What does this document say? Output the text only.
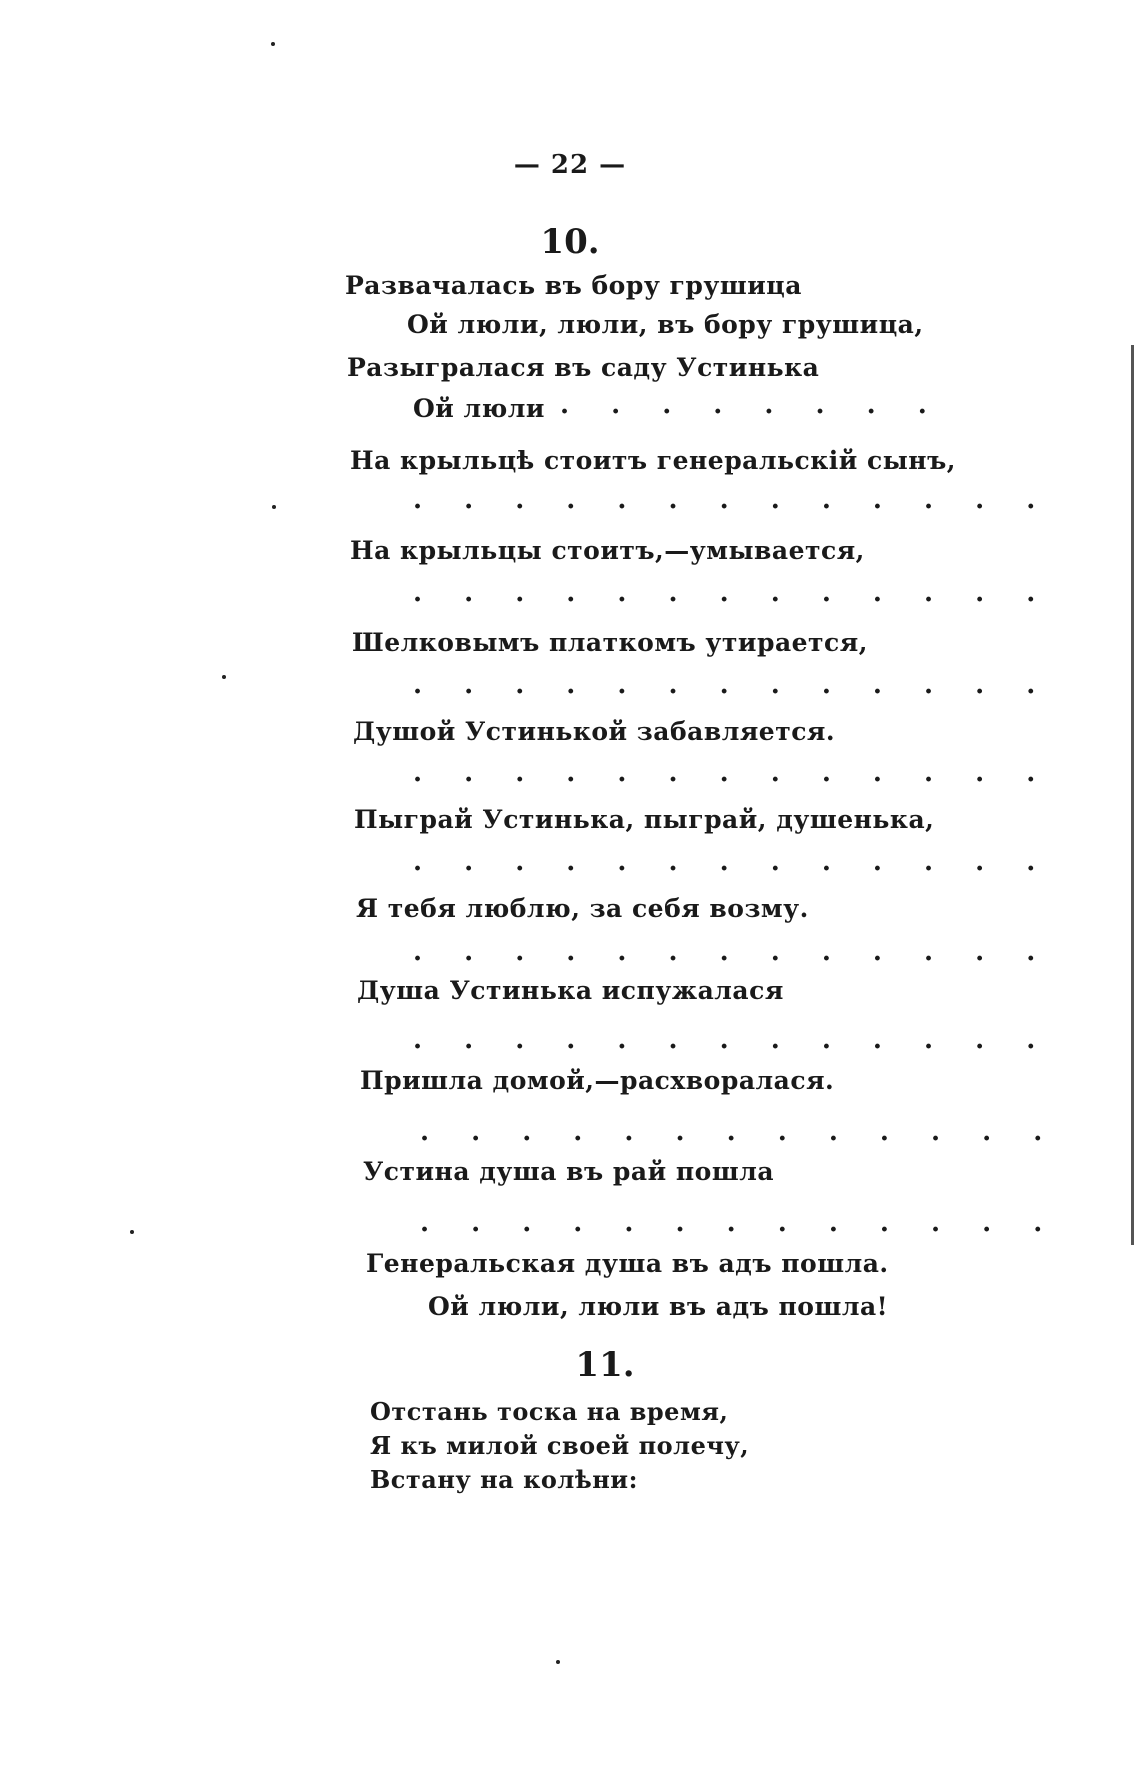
— 22 —
10.
Развачалась въ бору грушица
Ой люли, люли, въ бору грушица,
Разыгралася въ саду Устинька
Ой люли . . . . . . . .
На крыльцѣ стоитъ генеральскій сынъ,
. . . . . . . . . . . . .
На крыльцы стоитъ,—умывается,
. . . . . . . . . . . . .
Шелковымъ платкомъ утирается,
. . . . . . . . . . . . .
Душой Устинькой забавляется.
. . . . . . . . . . . . .
Пыграй Устинька, пыграй, душенька,
. . . . . . . . . . . . .
Я тебя люблю, за себя возму.
. . . . . . . . . . . . .
Душа Устинька испужалася
. . . . . . . . . . . . .
Пришла домой,—расхворалася.
. . . . . . . . . . . . .
Устина душа въ рай пошла
. . . . . . . . . . . . .
Генеральская душа въ адъ пошла.
Ой люли, люли въ адъ пошла!
11.
Отстань тоска на время,
Я къ милой своей полечу,
Встану на колѣни:
